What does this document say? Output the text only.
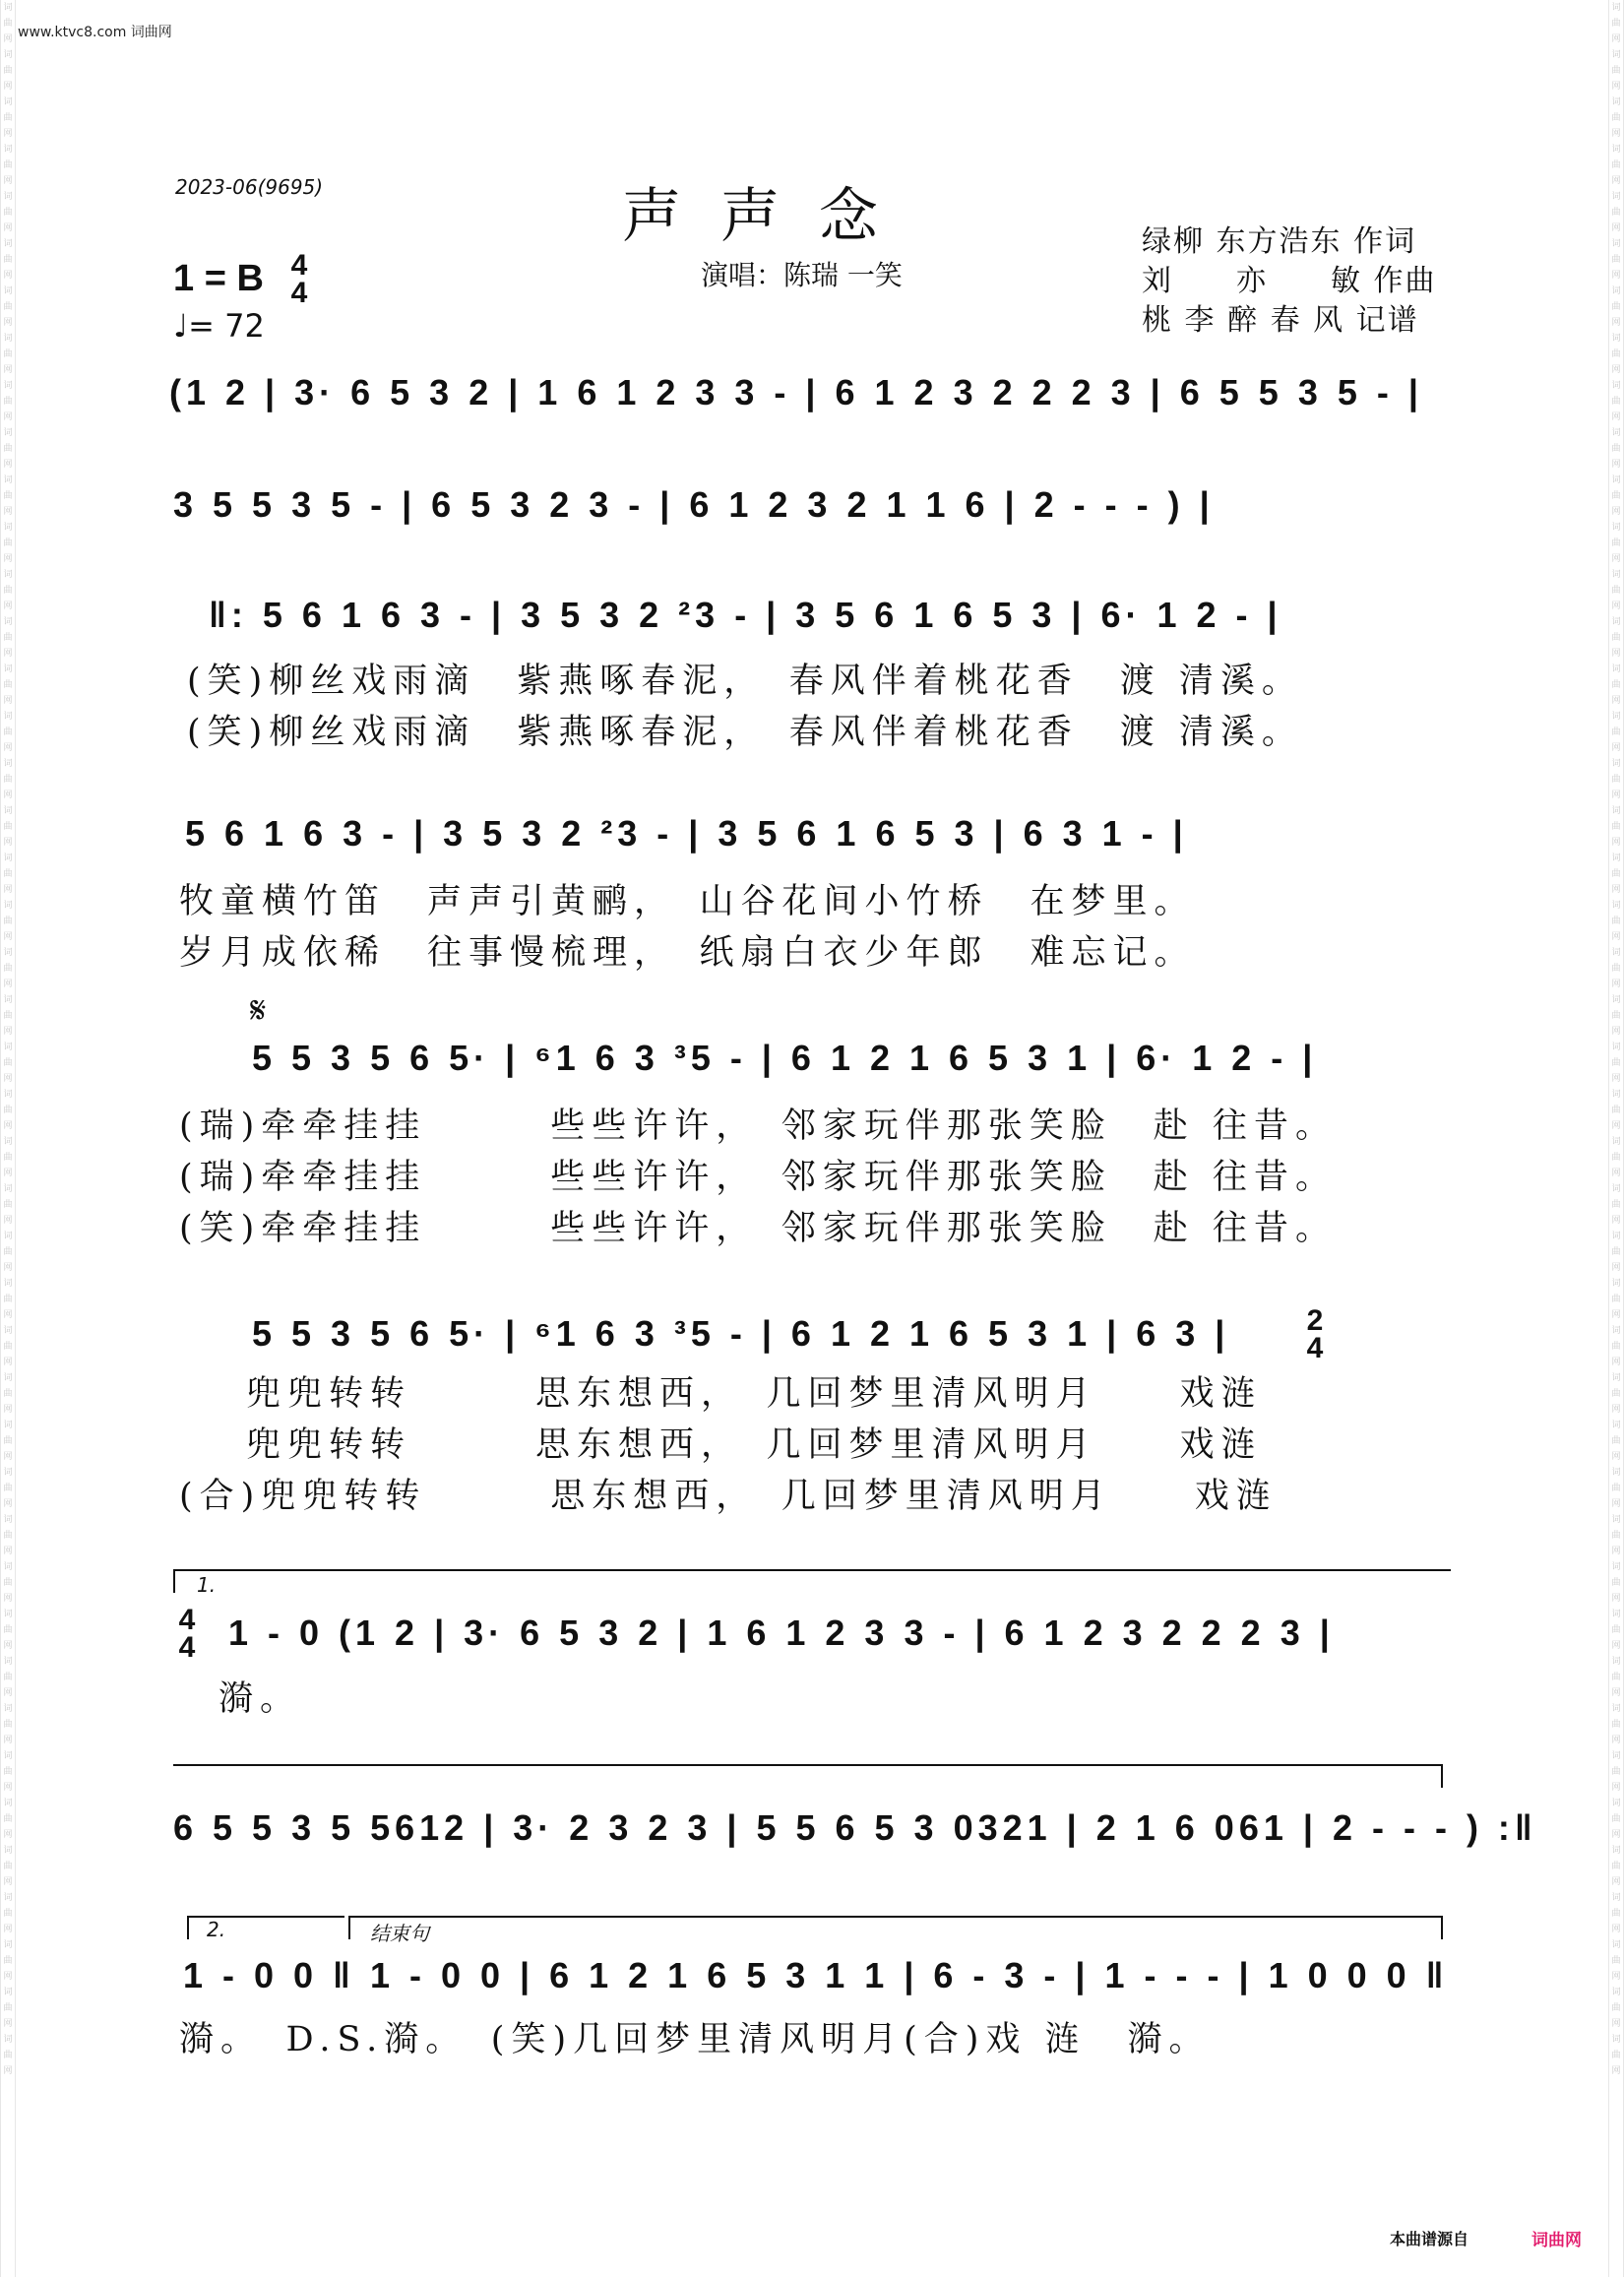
词曲网词曲网词曲网词曲网词曲网词曲网词曲网词曲网词曲网词曲网词曲网词曲网词曲网词曲网词曲网词曲网词曲网词曲网词曲网词曲网词曲网词曲网词曲网词曲网词曲网词曲网词曲网词曲网词曲网词曲网词曲网词曲网词曲网词曲网词曲网词曲网词曲网词曲网词曲网词曲网词曲网词曲网词曲网词曲网
词曲网词曲网词曲网词曲网词曲网词曲网词曲网词曲网词曲网词曲网词曲网词曲网词曲网词曲网词曲网词曲网词曲网词曲网词曲网词曲网词曲网词曲网词曲网词曲网词曲网词曲网词曲网词曲网词曲网词曲网词曲网词曲网词曲网词曲网词曲网词曲网词曲网词曲网词曲网词曲网词曲网词曲网词曲网词曲网
www.ktvc8.com 词曲网
2023-06(9695)	声声念
演唱：陈瑞 一笑
1 = B 4
4
♩= 72
绿柳 东方浩东 作词
刘　　亦　　敏 作曲
桃 李 醉 春 风 记谱
(1 2 | 3· 6 5 3 2 | 1 6 1 2 3 3 - | 6 1 2 3 2 2 2 3 | 6 5 5 3 5 - |
3 5 5 3 5 - | 6 5 3 2 3 - | 6 1 2 3 2 1 1 6 | 2 - - - ) |
‖: 5 6 1 6 3 - | 3 5 3 2 ²3 - | 3 5 6 1 6 5 3 | 6· 1 2 - |
(笑)柳丝戏雨滴　紫燕啄春泥，　春风伴着桃花香　渡 清溪。
(笑)柳丝戏雨滴　紫燕啄春泥，　春风伴着桃花香　渡 清溪。
5 6 1 6 3 - | 3 5 3 2 ²3 - | 3 5 6 1 6 5 3 | 6 3 1 - |
牧童横竹笛　声声引黄鹂，　山谷花间小竹桥　在梦里。
岁月成依稀　往事慢梳理，　纸扇白衣少年郎　难忘记。
𝄋
5 5 3 5 6 5· | ⁶1 6 3 ³5 - | 6 1 2 1 6 5 3 1 | 6· 1 2 - |
(瑞)牵牵挂挂　　　些些许许，　邻家玩伴那张笑脸　赴 往昔。
(瑞)牵牵挂挂　　　些些许许，　邻家玩伴那张笑脸　赴 往昔。
(笑)牵牵挂挂　　　些些许许，　邻家玩伴那张笑脸　赴 往昔。
5 5 3 5 6 5· | ⁶1 6 3 ³5 - | 6 1 2 1 6 5 3 1 | 6 3 |	2
4
兜兜转转　　　思东想西，　几回梦里清风明月　　戏涟
兜兜转转　　　思东想西，　几回梦里清风明月　　戏涟
(合)兜兜转转　　　思东想西，　几回梦里清风明月　　戏涟
1.
4
4 1 - 0 (1 2 | 3· 6 5 3 2 | 1 6 1 2 3 3 - | 6 1 2 3 2 2 2 3 |
漪。
6 5 5 3 5 5612 | 3· 2 3 2 3 | 5 5 6 5 3 0321 | 2 1 6 061 | 2 - - - ) :‖
2.	结束句
1 - 0 0 ‖ 1 - 0 0 | 6 1 2 1 6 5 3 1 1 | 6 - 3 - | 1 - - - | 1 0 0 0 ‖
漪。　D.S.漪。　(笑)几回梦里清风明月(合)戏 涟　漪。
本曲谱源自	词曲网
